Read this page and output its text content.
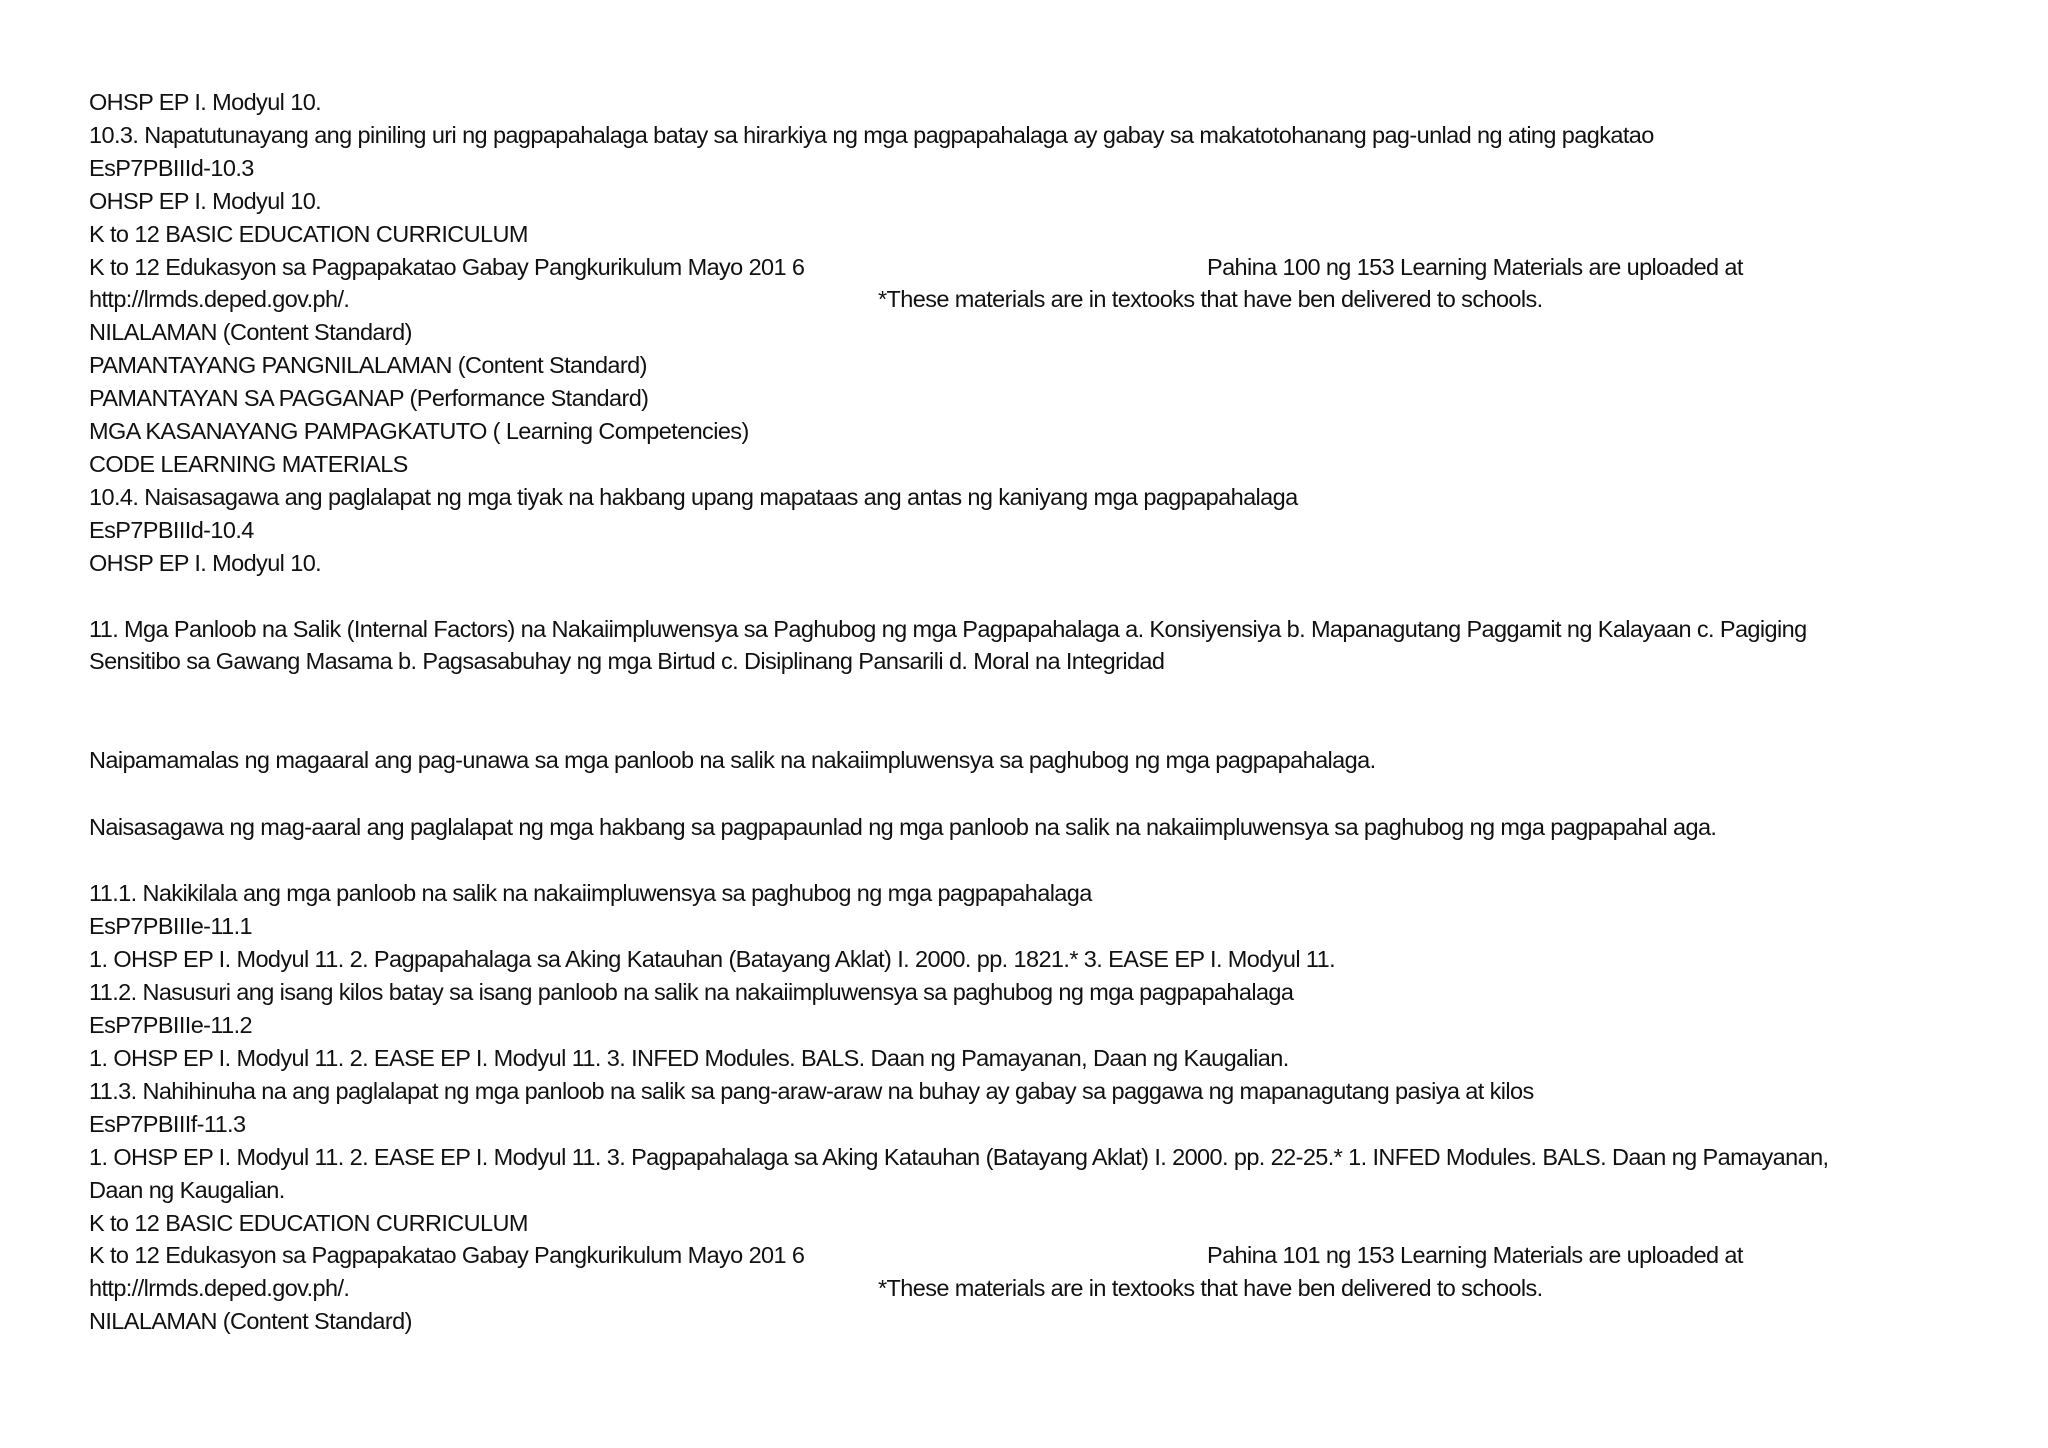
OHSP EP I. Modyul 10.
10.3. Napatutunayang ang piniling uri ng pagpapahalaga batay sa hirarkiya ng mga pagpapahalaga ay gabay sa makatotohanang pag-unlad ng ating pagkatao
EsP7PBIIId-10.3
OHSP EP I. Modyul 10.
K to 12 BASIC EDUCATION CURRICULUM
K to 12 Edukasyon sa Pagpapakatao Gabay Pangkurikulum Mayo 201 6	Pahina 100 ng 153 Learning Materials are uploaded at
http://lrmds.deped.gov.ph/.	*These materials are in textooks that have ben delivered to schools.
NILALAMAN (Content Standard)
PAMANTAYANG PANGNILALAMAN (Content Standard)
PAMANTAYAN SA PAGGANAP (Performance Standard)
MGA KASANAYANG PAMPAGKATUTO ( Learning Competencies)
CODE LEARNING MATERIALS
10.4. Naisasagawa ang paglalapat ng mga tiyak na hakbang upang mapataas ang antas ng kaniyang mga pagpapahalaga
EsP7PBIIId-10.4
OHSP EP I. Modyul 10.
11. Mga Panloob na Salik (Internal Factors) na Nakaiimpluwensya sa Paghubog ng mga Pagpapahalaga a. Konsiyensiya b. Mapanagutang Paggamit ng Kalayaan c. Pagiging
Sensitibo sa Gawang Masama b. Pagsasabuhay ng mga Birtud c. Disiplinang Pansarili d. Moral na Integridad
Naipamamalas ng magaaral ang pag-unawa sa mga panloob na salik na nakaiimpluwensya sa paghubog ng mga pagpapahalaga.
Naisasagawa ng mag-aaral ang paglalapat ng mga hakbang sa pagpapaunlad ng mga panloob na salik na nakaiimpluwensya sa paghubog ng mga pagpapahal aga.
11.1. Nakikilala ang mga panloob na salik na nakaiimpluwensya sa paghubog ng mga pagpapahalaga
EsP7PBIIIe-11.1
1. OHSP EP I. Modyul 11. 2. Pagpapahalaga sa Aking Katauhan (Batayang Aklat) I. 2000. pp. 1821.* 3. EASE EP I. Modyul 11.
11.2. Nasusuri ang isang kilos batay sa isang panloob na salik na nakaiimpluwensya sa paghubog ng mga pagpapahalaga
EsP7PBIIIe-11.2
1. OHSP EP I. Modyul 11. 2. EASE EP I. Modyul 11. 3. INFED Modules. BALS. Daan ng Pamayanan, Daan ng Kaugalian.
11.3. Nahihinuha na ang paglalapat ng mga panloob na salik sa pang-araw-araw na buhay ay gabay sa paggawa ng mapanagutang pasiya at kilos
EsP7PBIIIf-11.3
1. OHSP EP I. Modyul 11. 2. EASE EP I. Modyul 11. 3. Pagpapahalaga sa Aking Katauhan (Batayang Aklat) I. 2000. pp. 22-25.* 1. INFED Modules. BALS. Daan ng Pamayanan,
Daan ng Kaugalian.
K to 12 BASIC EDUCATION CURRICULUM
K to 12 Edukasyon sa Pagpapakatao Gabay Pangkurikulum Mayo 201 6	Pahina 101 ng 153 Learning Materials are uploaded at
http://lrmds.deped.gov.ph/.	*These materials are in textooks that have ben delivered to schools.
NILALAMAN (Content Standard)
